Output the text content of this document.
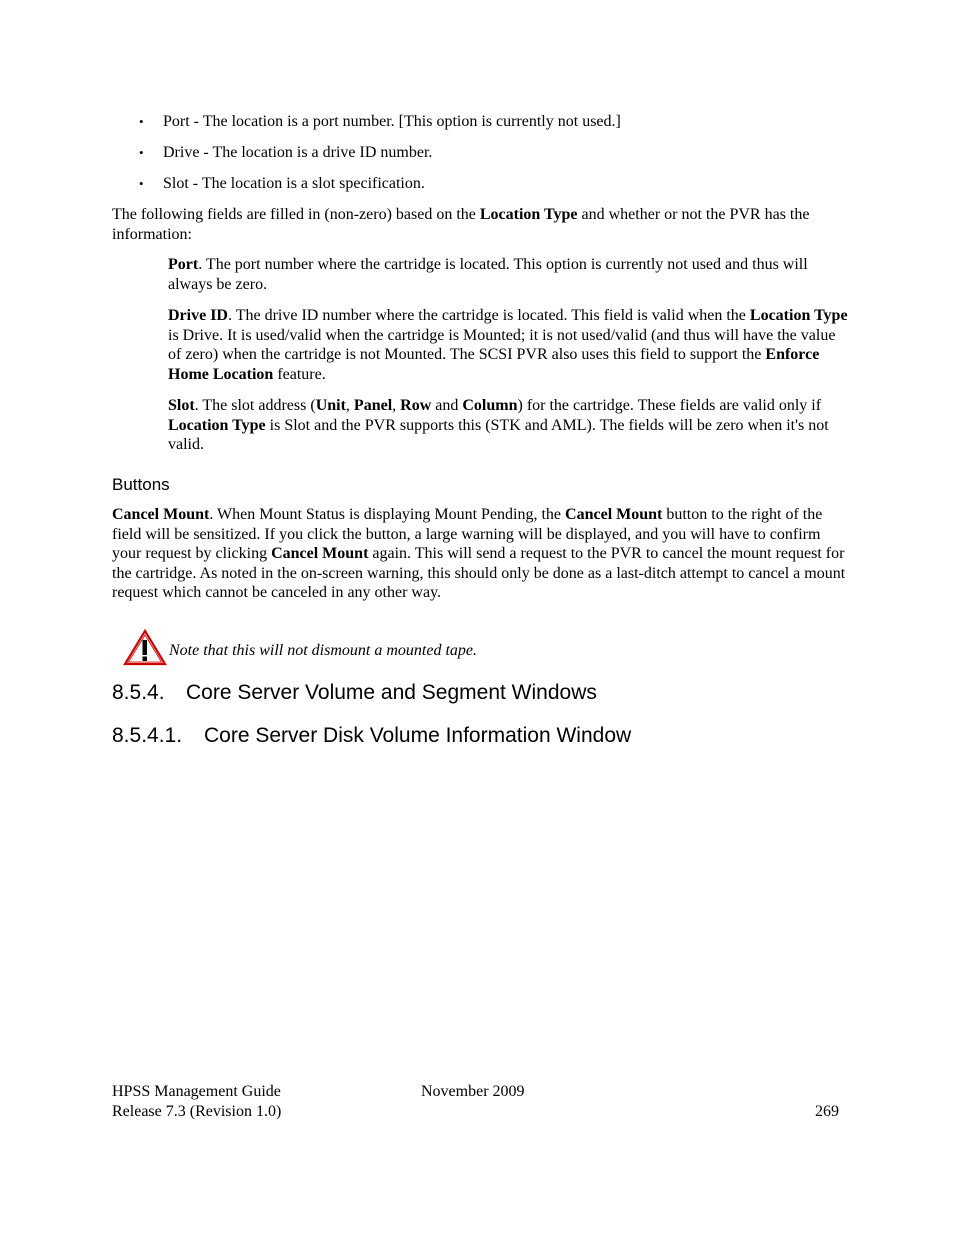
• Port - The location is a port number. [This option is currently not used.]

• Drive - The location is a drive ID number.

• Slot - The location is a slot specification.

The following fields are filled in (non-zero) based on the Location Type and whether or not the PVR has the information:

Port. The port number where the cartridge is located. This option is currently not used and thus will always be zero.

Drive ID. The drive ID number where the cartridge is located. This field is valid when the Location Type is Drive. It is used/valid when the cartridge is Mounted; it is not used/valid (and thus will have the value of zero) when the cartridge is not Mounted. The SCSI PVR also uses this field to support the Enforce Home Location feature.

Slot. The slot address (Unit, Panel, Row and Column) for the cartridge. These fields are valid only if Location Type is Slot and the PVR supports this (STK and AML). The fields will be zero when it's not valid.

Buttons

Cancel Mount. When Mount Status is displaying Mount Pending, the Cancel Mount button to the right of the field will be sensitized. If you click the button, a large warning will be displayed, and you will have to confirm your request by clicking Cancel Mount again. This will send a request to the PVR to cancel the mount request for the cartridge. As noted in the on-screen warning, this should only be done as a last-ditch attempt to cancel a mount request which cannot be canceled in any other way.

Note that this will not dismount a mounted tape.
8.5.4. Core Server Volume and Segment Windows
8.5.4.1. Core Server Disk Volume Information Window
HPSS Management Guide	November 2009
Release 7.3 (Revision 1.0)	269
